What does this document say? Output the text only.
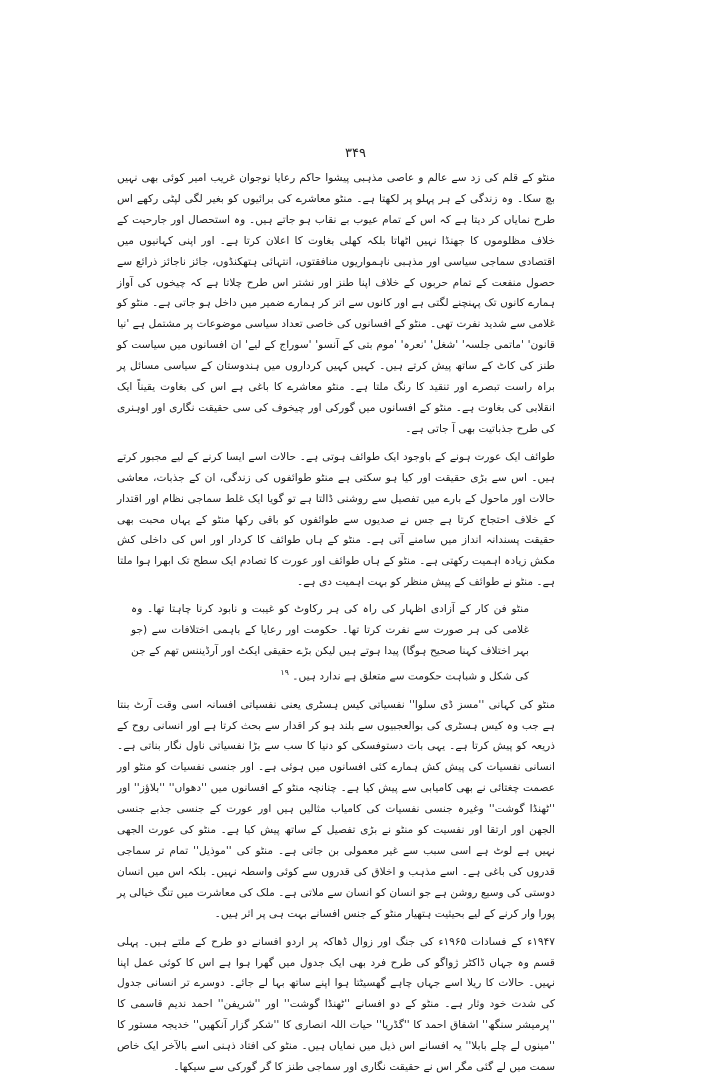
۳۴۹

منٹو کے قلم کی زد سے عالم و عاصی مذہبی پیشوا حاکم رعایا نوجوان غریب امیر کوئی بھی نہیں بچ سکا۔ وہ زندگی کے ہر پہلو پر لکھتا ہے۔ منٹو معاشرے کی برائیوں کو بغیر لگی لپٹی رکھے اس طرح نمایاں کر دیتا ہے کہ اس کے تمام عیوب بے نقاب ہو جاتے ہیں۔ وہ استحصال اور جارحیت کے خلاف مظلوموں کا جھنڈا نہیں اٹھاتا بلکہ کھلی بغاوت کا اعلان کرتا ہے۔ اور اپنی کہانیوں میں اقتصادی سماجی سیاسی اور مذہبی ناہمواریوں منافقتوں، انتہائی ہتھکنڈوں، جائز ناجائز ذرائع سے حصول منفعت کے تمام حربوں کے خلاف اپنا طنز اور نشتر اس طرح چلاتا ہے کہ چیخوں کی آواز ہمارے کانوں تک پہنچنے لگتی ہے اور کانوں سے اتر کر ہمارے ضمیر میں داخل ہو جاتی ہے۔ منٹو کو غلامی سے شدید نفرت تھی۔ منٹو کے افسانوں کی خاصی تعداد سیاسی موضوعات پر مشتمل ہے 'نیا قانون' 'ماتمی جلسہ' 'شغل' 'نعرہ' 'موم بتی کے آنسو' 'سوراج کے لیے' ان افسانوں میں سیاست کو طنز کی کاٹ کے ساتھ پیش کرتے ہیں۔ کہیں کہیں کرداروں میں ہندوستان کے سیاسی مسائل پر براہ راست تبصرے اور تنقید کا رنگ ملتا ہے۔ منٹو معاشرے کا باغی ہے اس کی بغاوت یقیناً ایک انقلابی کی بغاوت ہے۔ منٹو کے افسانوں میں گورکی اور چیخوف کی سی حقیقت نگاری اور اوہنری کی طرح جذباتیت بھی آ جاتی ہے۔

طوائف ایک عورت ہونے کے باوجود ایک طوائف ہوتی ہے۔ حالات اسے ایسا کرنے کے لیے مجبور کرتے ہیں۔ اس سے بڑی حقیقت اور کیا ہو سکتی ہے منٹو طوائفوں کی زندگی، ان کے جذبات، معاشی حالات اور ماحول کے بارے میں تفصیل سے روشنی ڈالتا ہے تو گویا ایک غلط سماجی نظام اور اقتدار کے خلاف احتجاج کرتا ہے جس نے صدیوں سے طوائفوں کو باقی رکھا منٹو کے یہاں محبت بھی حقیقت پسندانہ انداز میں سامنے آتی ہے۔ منٹو کے ہاں طوائف کا کردار اور اس کی داخلی کش مکش زیادہ اہمیت رکھتی ہے۔ منٹو کے ہاں طوائف اور عورت کا تصادم ایک سطح تک ابھرا ہوا ملتا ہے۔ منٹو نے طوائف کے پیش منظر کو بہت اہمیت دی ہے۔

منٹو فن کار کے آزادی اظہار کی راہ کی ہر رکاوٹ کو غیبت و نابود کرنا چاہتا تھا۔ وہ غلامی کی ہر صورت سے نفرت کرتا تھا۔ حکومت اور رعایا کے باہمی اختلافات سے (جو بہر اختلاف کہنا صحیح ہوگا) پیدا ہوتے ہیں لیکن بڑے حقیقی ایکٹ اور آرڈیننس تھم کے جن کی شکل و شباہت حکومت سے متعلق ہے ندارد ہیں۔ $^{۱۹}$

منٹو کی کہانی ''مسز ڈی سلوا'' نفسیاتی کیس ہسٹری یعنی نفسیاتی افسانہ اسی وقت آرٹ بنتا ہے جب وہ کیس ہسٹری کی بوالعجبیوں سے بلند ہو کر اقدار سے بحث کرتا ہے اور انسانی روح کے ذریعہ کو پیش کرتا ہے۔ یہی بات دستوفسکی کو دنیا کا سب سے بڑا نفسیاتی ناول نگار بناتی ہے۔ انسانی نفسیات کی پیش کش ہمارے کئی افسانوں میں ہوئی ہے۔ اور جنسی نفسیات کو منٹو اور عصمت چغتائی نے بھی کامیابی سے پیش کیا ہے۔ چنانچہ منٹو کے افسانوں میں ''دھواں'' ''بلاؤز'' اور ''ٹھنڈا گوشت'' وغیرہ جنسی نفسیات کی کامیاب مثالیں ہیں اور عورت کے جنسی جذبے جنسی الجھن اور ارتقا اور نفسیت کو منٹو نے بڑی تفصیل کے ساتھ پیش کیا ہے۔ منٹو کی عورت الجھی نہیں ہے لوٹ ہے اسی سبب سے غیر معمولی بن جاتی ہے۔ منٹو کی ''موذیل'' تمام تر سماجی قدروں کی باغی ہے۔ اسے مذہب و اخلاق کی قدروں سے کوئی واسطہ نہیں۔ بلکہ اس میں انسان دوستی کی وسیع روشن ہے جو انسان کو انسان سے ملاتی ہے۔ ملک کی معاشرت میں تنگ خیالی پر پورا وار کرنے کے لیے بحیثیت ہتھیار منٹو کے جنس افسانے بہت ہی پر اثر ہیں۔

۱۹۴۷ء کے فسادات ۱۹۶۵ء کی جنگ اور زوال ڈھاکہ پر اردو افسانے دو طرح کے ملتے ہیں۔ پہلی قسم وہ جہاں ڈاکٹر ژواگو کی طرح فرد بھی ایک جدول میں گھرا ہوا ہے اس کا کوئی عمل اپنا نہیں۔ حالات کا ریلا اسے جہاں چاہے گھسیٹتا ہوا اپنے ساتھ بہا لے جائے۔ دوسرے تر انسانی جدول کی شدت خود وثار ہے۔ منٹو کے دو افسانے ''ٹھنڈا گوشت'' اور ''شریفن'' احمد ندیم قاسمی کا ''پرمیشر سنگھ'' اشفاق احمد کا ''گڈریا'' حیات اللہ انصاری کا ''شکر گزار آنکھیں'' خدیجہ مستور کا ''مینوں لے چلے بابلا'' یہ افسانے اس ذیل میں نمایاں ہیں۔ منٹو کی افتاد ذہنی اسے بالآخر ایک خاص سمت میں لے گئی مگر اس نے حقیقت نگاری اور سماجی طنز کا گر گورکی سے سیکھا۔
